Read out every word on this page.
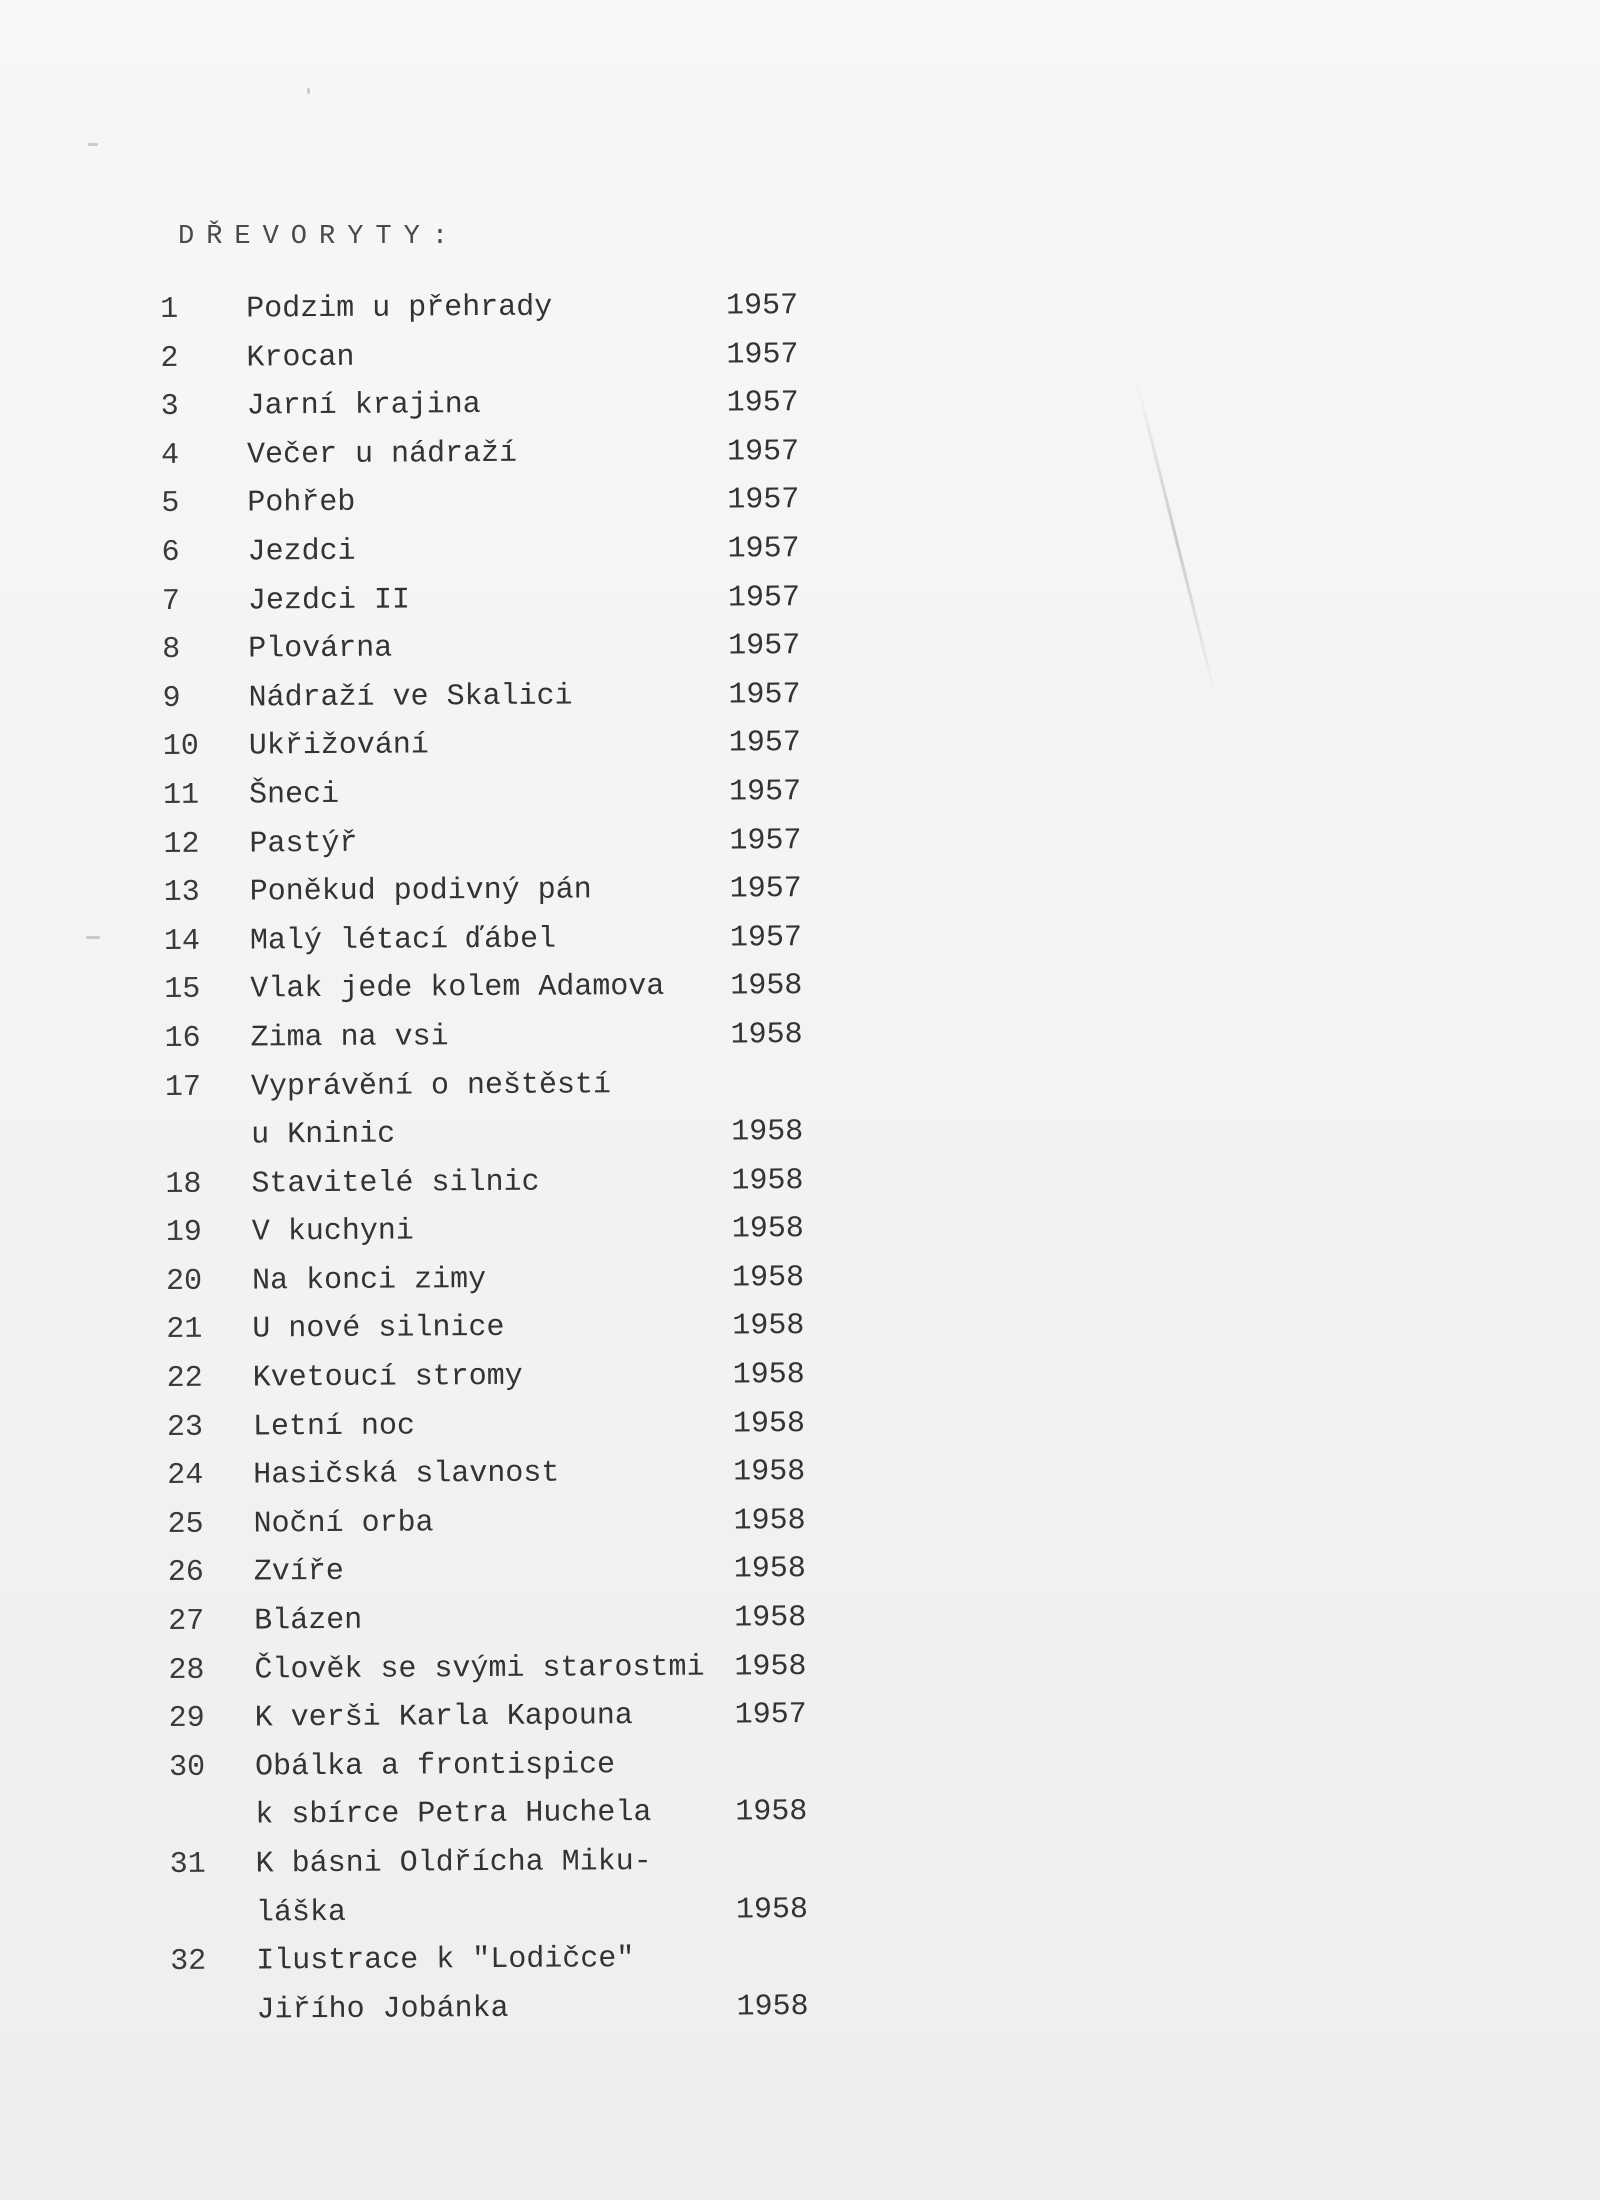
DŘEVORYTY:
1	Podzim u přehrady	1957
2	Krocan	1957
3	Jarní krajina	1957
4	Večer u nádraží	1957
5	Pohřeb	1957
6	Jezdci	1957
7	Jezdci II	1957
8	Plovárna	1957
9	Nádraží ve Skalici	1957
10	Ukřižování	1957
11	Šneci	1957
12	Pastýř	1957
13	Poněkud podivný pán	1957
14	Malý létací ďábel	1957
15	Vlak jede kolem Adamova	1958
16	Zima na vsi	1958
17	Vyprávění o neštěstí
u Kninic	1958
18	Stavitelé silnic	1958
19	V kuchyni	1958
20	Na konci zimy	1958
21	U nové silnice	1958
22	Kvetoucí stromy	1958
23	Letní noc	1958
24	Hasičská slavnost	1958
25	Noční orba	1958
26	Zvíře	1958
27	Blázen	1958
28	Člověk se svými starostmi 1958
29	K verši Karla Kapouna	1957
30	Obálka a frontispice
k sbírce Petra Huchela	1958
31	K básni Oldřícha Miku-
láška	1958
32	Ilustrace k "Lodičce"
Jiřího Jobánka	1958
